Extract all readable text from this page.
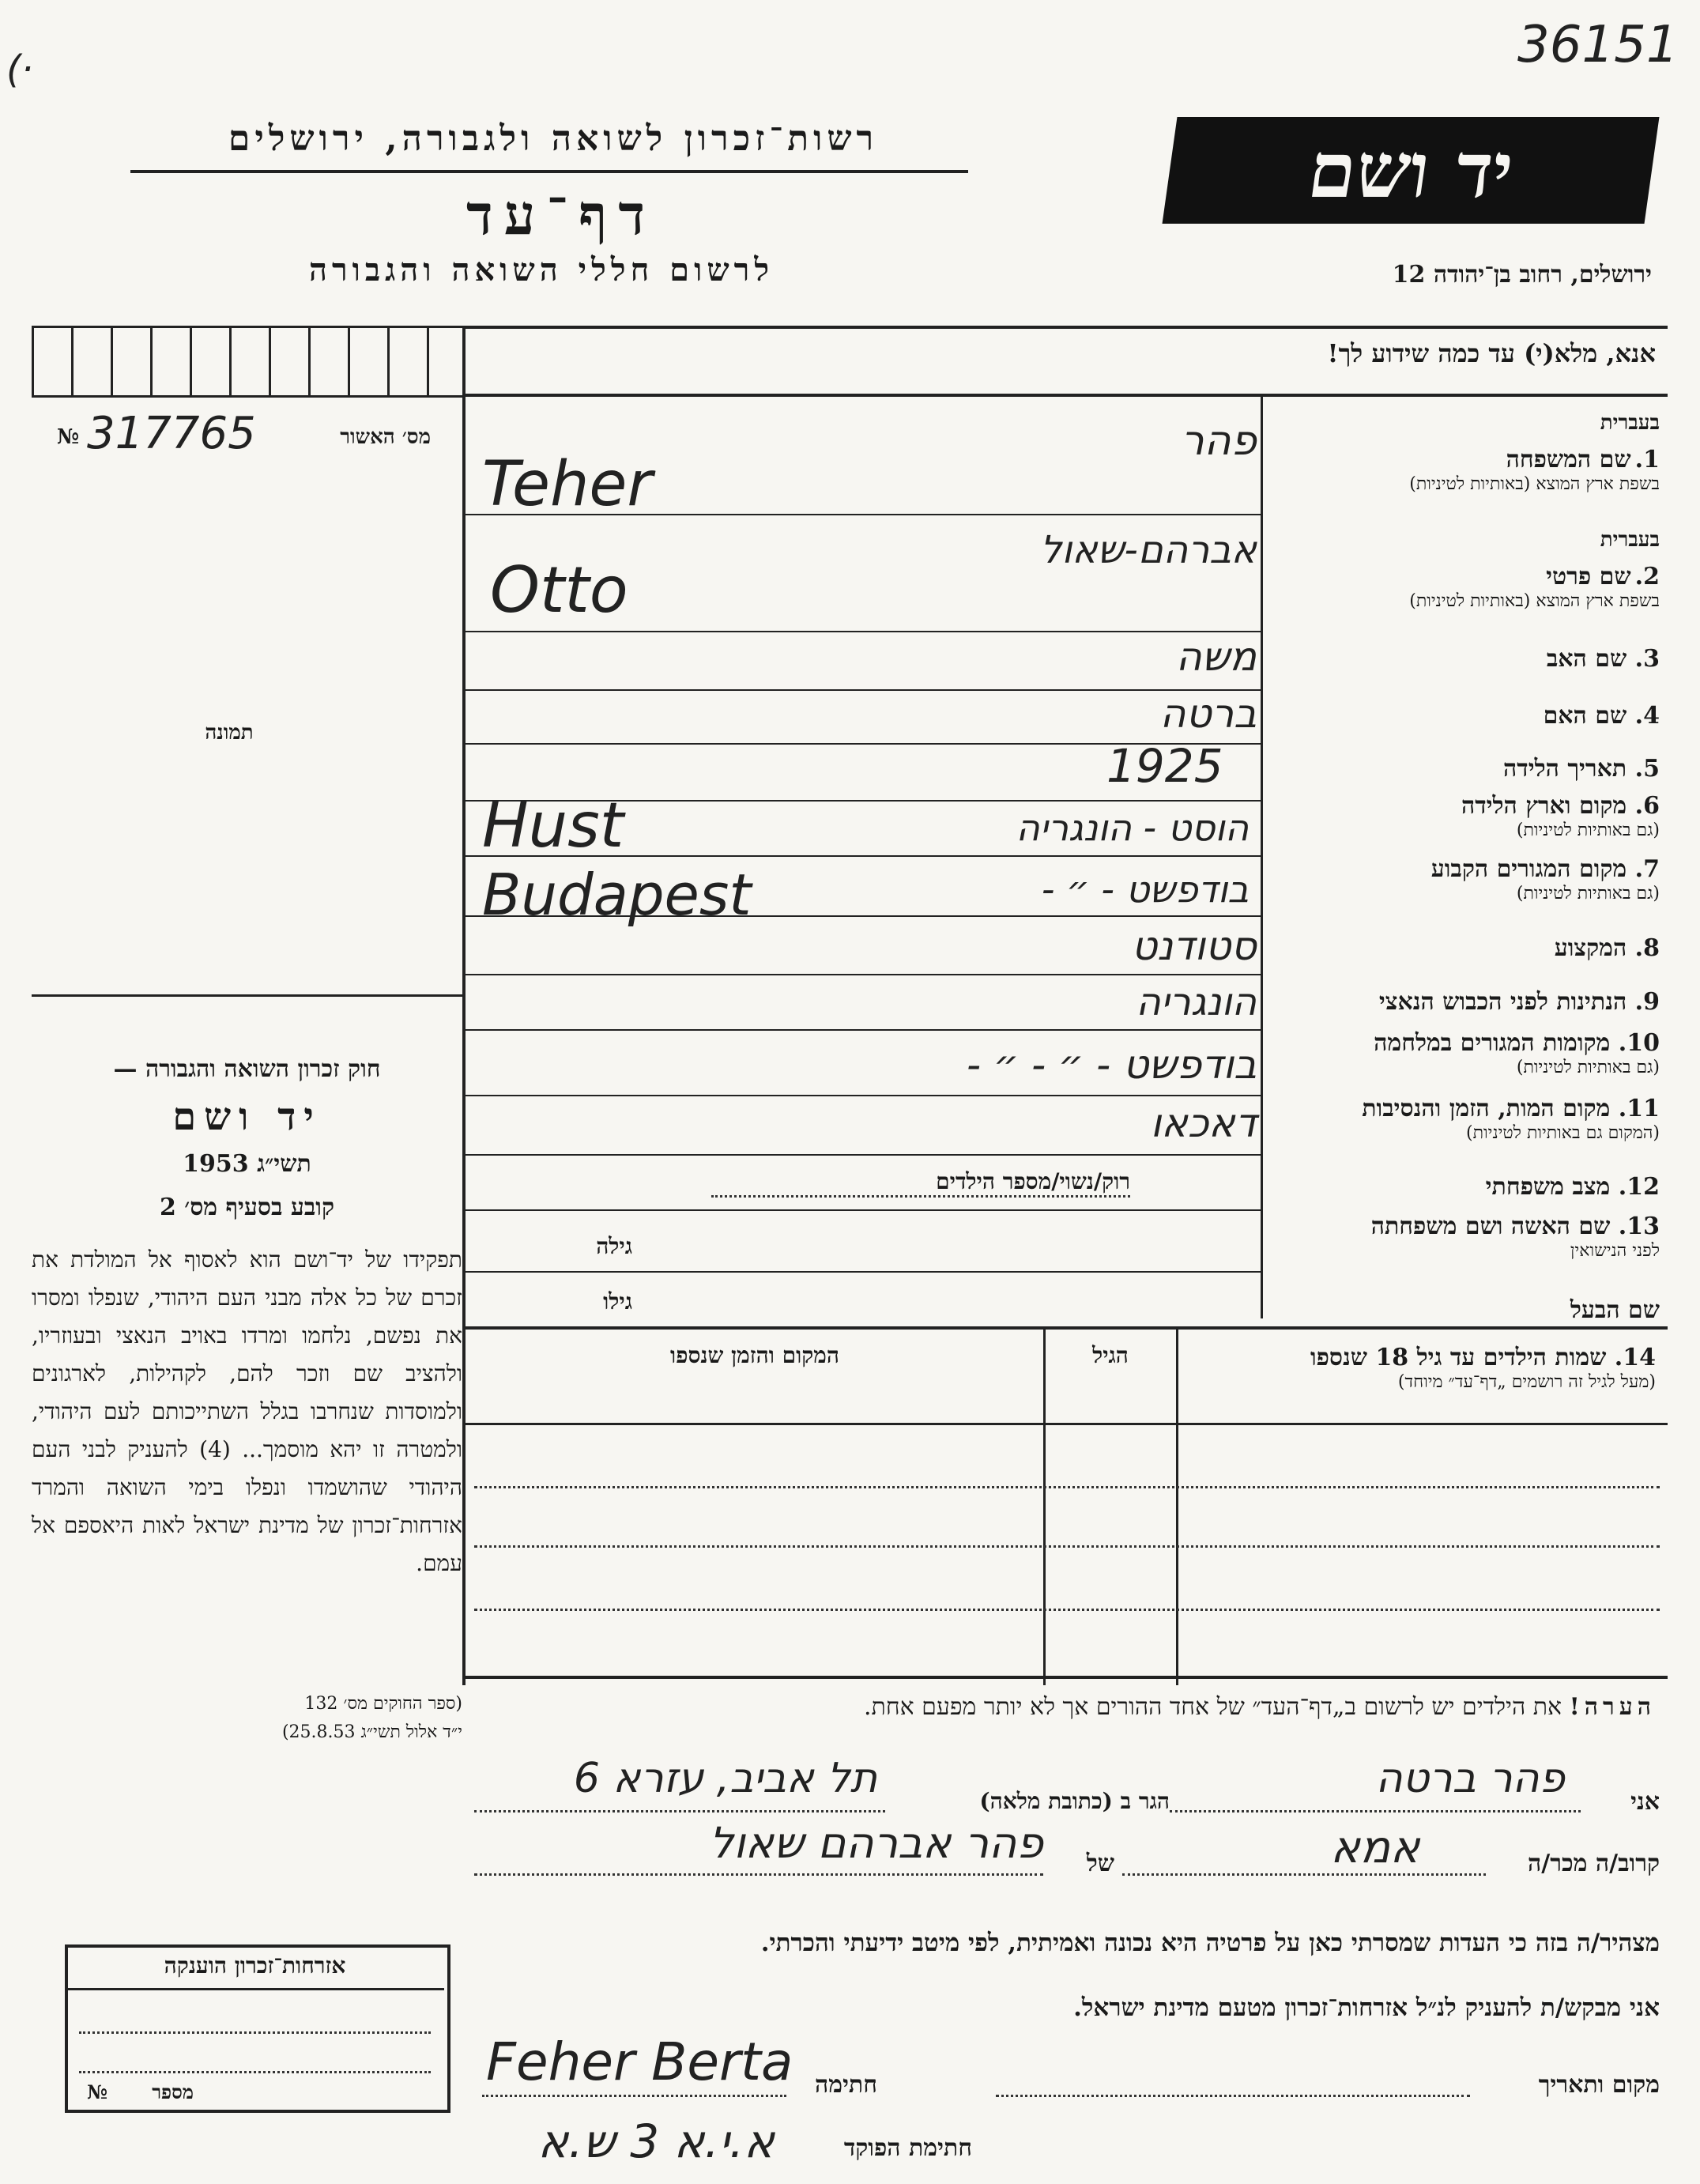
36151
(·
רשות־זכרון לשואה ולגבורה, ירושלים
דף־עד
לרשום חללי השואה והגבורה
יד ושם
ירושלים, רחוב בן־יהודה 12
№ 317765	מס׳ האשור
תמונה
חוק זכרון השואה והגבורה —
יד ושם
תשי״ג 1953
קובע בסעיף מס׳ 2
תפקידו של יד־ושם הוא לאסוף אל המולדת את זכרם של כל אלה מבני העם היהודי, שנפלו ומסרו את נפשם, נלחמו ומרדו באויב הנאצי ובעוזריו, ולהציב שם וזכר להם, לקהילות, לארגונים ולמוסדות שנחרבו בגלל השתייכותם לעם היהודי, ולמטרה זו יהא מוסמך... (4) להעניק לבני העם היהודי שהושמדו ונפלו בימי השואה והמרד אזרחות־זכרון של מדינת ישראל לאות היאספם אל עמם.
(ספר החוקים מס׳ 132
י״ד אלול תשי״ג 25.8.53)
אזרחות־זכרון הוענקה
№	מספר
אנא, מלא(י) עד כמה שידוע לך!
בעברית
1. שם המשפחה
בשפת ארץ המוצא (באותיות לטיניות)
פהר
Teher
בעברית
2. שם פרטי
בשפת ארץ המוצא (באותיות לטיניות)
אברהם-שאול
Otto
3. שם האב
משה
4. שם האם
ברטה
5. תאריך הלידה
1925
6. מקום וארץ הלידה
(גם באותיות לטיניות)
הוסט - הונגריה
Hust
7. מקום המגורים הקבוע
(גם באותיות לטיניות)
בודפשט - ״ -
Budapest
8. המקצוע
סטודנט
9. הנתינות לפני הכבוש הנאצי
הונגריה
10. מקומות המגורים במלחמה
(גם באותיות לטיניות)
בודפשט - ״ - ״ -
11. מקום המות, הזמן והנסיבות
(המקום גם באותיות לטיניות)
דאכאו
12. מצב משפחתי
רוק/נשוי/מספר הילדים
13. שם האשה ושם משפחתה
לפני הנישואין
גילה
שם הבעל
גילו
14. שמות הילדים עד גיל 18 שנספו
(מעל לגיל זה רושמים „דף־עד״ מיוחד)
הגיל
המקום והזמן שנספו
הערה! את הילדים יש לרשום ב„דף־העד״ של אחד ההורים אך לא יותר מפעם אחת.
אני
פהר ברטה
הגר ב (כתובת מלאה)
תל אביב, עזרא 6
קרוב/ה מכר/ה
אמא
של
פהר אברהם שאול
מצהיר/ה בזה כי העדות שמסרתי כאן על פרטיה היא נכונה ואמיתית, לפי מיטב ידיעתי והכרתי.
אני מבקש/ת להעניק לנ״ל אזרחות־זכרון מטעם מדינת ישראל.
מקום ותאריך
חתימה
Feher Berta
חתימת הפוקד
א.י.א 3 ש.א
